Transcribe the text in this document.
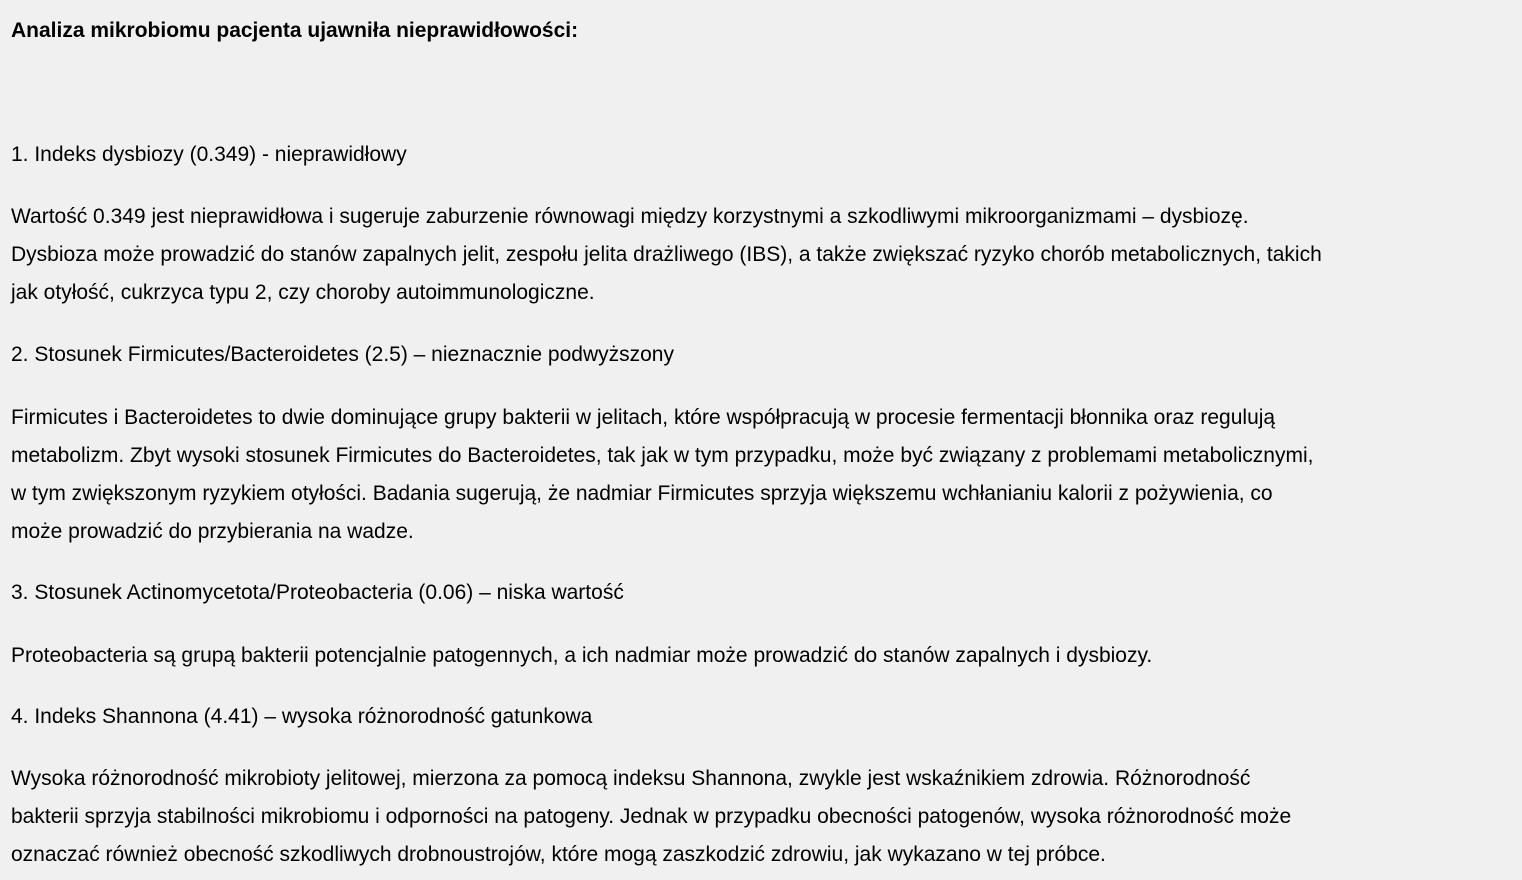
Analiza mikrobiomu pacjenta ujawniła nieprawidłowości:
1. Indeks dysbiozy (0.349) - nieprawidłowy
Wartość 0.349 jest nieprawidłowa i sugeruje zaburzenie równowagi między korzystnymi a szkodliwymi mikroorganizmami – dysbiozę.
Dysbioza może prowadzić do stanów zapalnych jelit, zespołu jelita drażliwego (IBS), a także zwiększać ryzyko chorób metabolicznych, takich
jak otyłość, cukrzyca typu 2, czy choroby autoimmunologiczne.
2. Stosunek Firmicutes/Bacteroidetes (2.5) – nieznacznie podwyższony
Firmicutes i Bacteroidetes to dwie dominujące grupy bakterii w jelitach, które współpracują w procesie fermentacji błonnika oraz regulują
metabolizm. Zbyt wysoki stosunek Firmicutes do Bacteroidetes, tak jak w tym przypadku, może być związany z problemami metabolicznymi,
w tym zwiększonym ryzykiem otyłości. Badania sugerują, że nadmiar Firmicutes sprzyja większemu wchłanianiu kalorii z pożywienia, co
może prowadzić do przybierania na wadze.
3. Stosunek Actinomycetota/Proteobacteria (0.06) – niska wartość
Proteobacteria są grupą bakterii potencjalnie patogennych, a ich nadmiar może prowadzić do stanów zapalnych i dysbiozy.
4. Indeks Shannona (4.41) – wysoka różnorodność gatunkowa
Wysoka różnorodność mikrobioty jelitowej, mierzona za pomocą indeksu Shannona, zwykle jest wskaźnikiem zdrowia. Różnorodność
bakterii sprzyja stabilności mikrobiomu i odporności na patogeny. Jednak w przypadku obecności patogenów, wysoka różnorodność może
oznaczać również obecność szkodliwych drobnoustrojów, które mogą zaszkodzić zdrowiu, jak wykazano w tej próbce.
